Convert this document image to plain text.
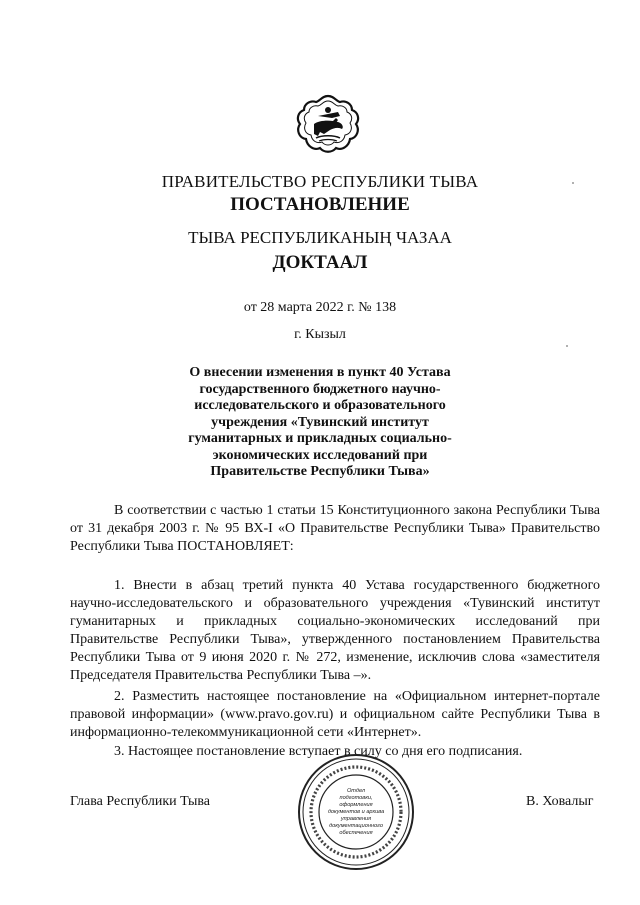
ПРАВИТЕЛЬСТВО РЕСПУБЛИКИ ТЫВА
ПОСТАНОВЛЕНИЕ
ТЫВА РЕСПУБЛИКАНЫҢ ЧАЗАА
ДОКТААЛ
от 28 марта 2022 г. № 138
г. Кызыл
О внесении изменения в пункт 40 Устава государственного бюджетного научно-исследовательского и образовательного учреждения «Тувинский институт гуманитарных и прикладных социально-экономических исследований при Правительстве Республики Тыва»

В соответствии с частью 1 статьи 15 Конституционного закона Республики Тыва от 31 декабря 2003 г. № 95 ВХ-I «О Правительстве Республики Тыва» Правительство Республики Тыва ПОСТАНОВЛЯЕТ:

1. Внести в абзац третий пункта 40 Устава государственного бюджетного научно-исследовательского и образовательного учреждения «Тувинский институт гуманитарных и прикладных социально-экономических исследований при Правительстве Республики Тыва», утвержденного постановлением Правительства Республики Тыва от 9 июня 2020 г. № 272, изменение, исключив слова «заместителя Председателя Правительства Республики Тыва –».

2. Разместить настоящее постановление на «Официальном интернет-портале правовой информации» (www.pravo.gov.ru) и официальном сайте Республики Тыва в информационно-телекоммуникационной сети «Интернет».

3. Настоящее постановление вступает в силу со дня его подписания.

Глава Республики Тыва	В. Ховалыг
Отдел
подготовки,
оформления
документов и архива
управления
документационного
обеспечения
